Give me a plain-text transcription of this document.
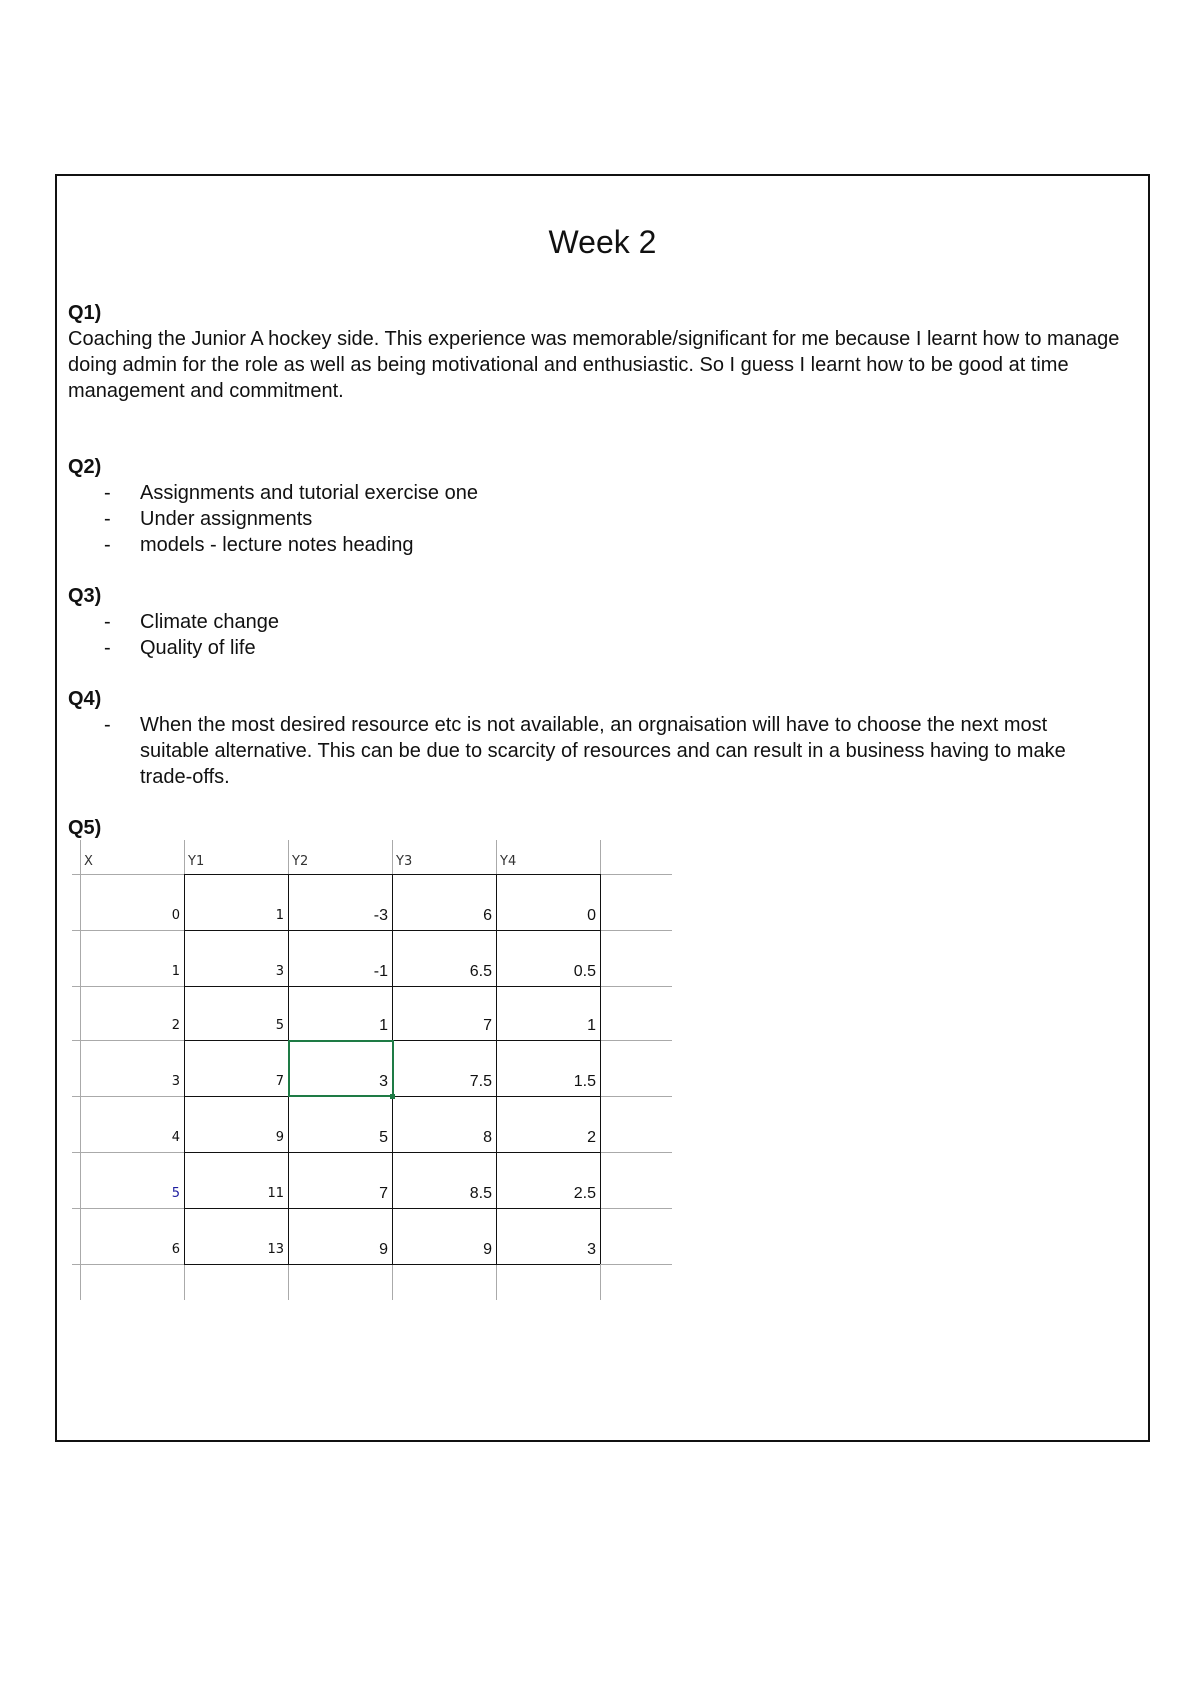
Week 2
Q1)

Coaching the Junior A hockey side. This experience was memorable/significant for me because I learnt how to manage doing admin for the role as well as being motivational and enthusiastic. So I guess I learnt how to be good at time management and commitment.

Q2)
- Assignments and tutorial exercise one
- Under assignments
- models - lecture notes heading
Q3)
- Climate change
- Quality of life
Q4)
- When the most desired resource etc is not available, an orgnaisation will have to choose the next most suitable alternative. This can be due to scarcity of resources and can result in a business having to make trade-offs.
Q5)
X	Y1	Y2	Y3	Y4
0	1	-3	6	0
1	3	-1	6.5	0.5
2	5	1	7	1
3	7	3	7.5	1.5
4	9	5	8	2
5	11	7	8.5	2.5
6	13	9	9	3
